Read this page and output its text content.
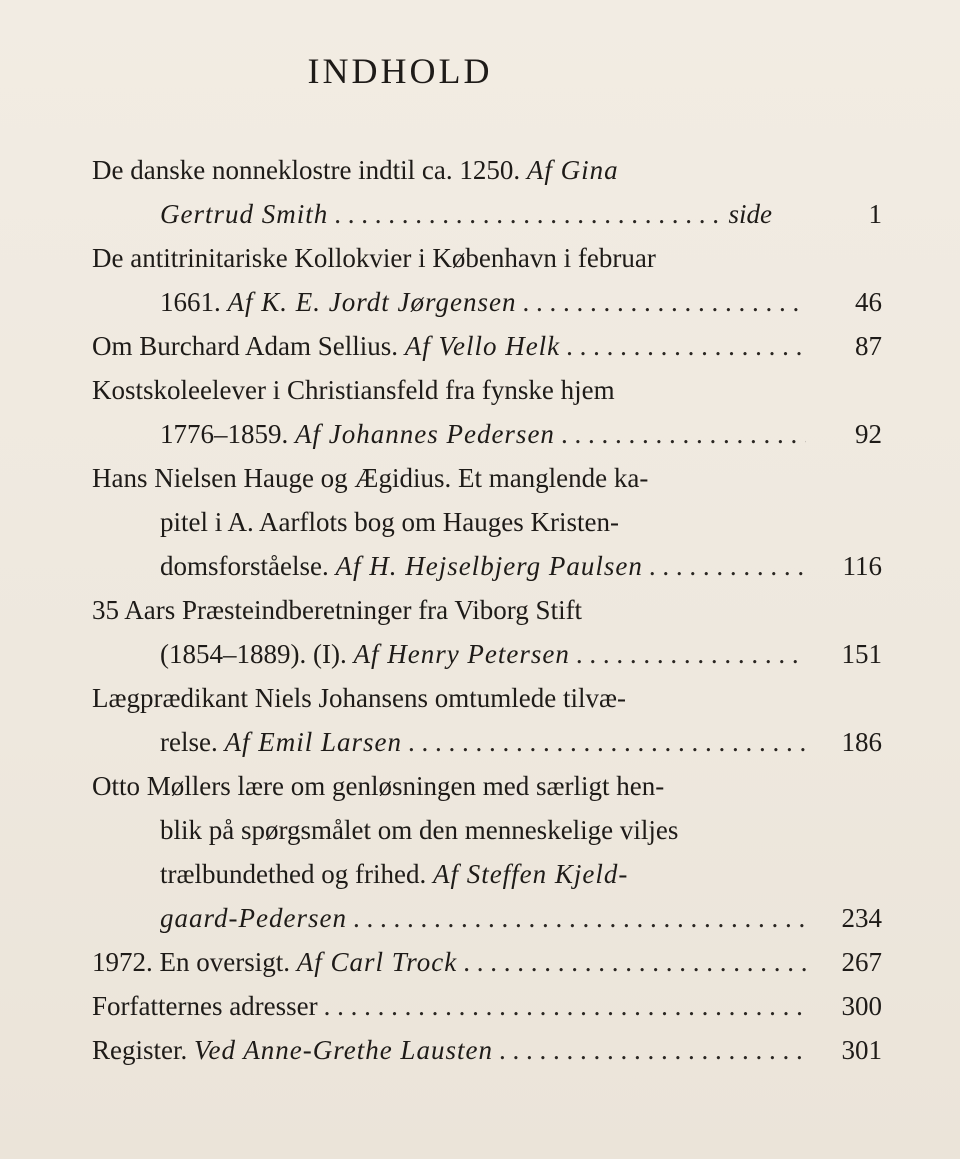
INDHOLD
De danske nonneklostre indtil ca. 1250. Af Gina
Gertrud Smith . . .	side	1
De antitrinitariske Kollokvier i København i februar
1661. Af K. E. Jordt Jørgensen . . .	46
Om Burchard Adam Sellius. Af Vello Helk . . .	87
Kostskoleelever i Christiansfeld fra fynske hjem
1776–1859. Af Johannes Pedersen . . .	92
Hans Nielsen Hauge og Ægidius. Et manglende ka-
pitel i A. Aarflots bog om Hauges Kristen-
domsforståelse. Af H. Hejselbjerg Paulsen . . .	116
35 Aars Præsteindberetninger fra Viborg Stift
(1854–1889). (I). Af Henry Petersen . . .	151
Lægprædikant Niels Johansens omtumlede tilvæ-
relse. Af Emil Larsen . . .	186
Otto Møllers lære om genløsningen med særligt hen-
blik på spørgsmålet om den menneskelige viljes
trælbundethed og frihed. Af Steffen Kjeld-
gaard-Pedersen . . .	234
1972. En oversigt. Af Carl Trock . . .	267
Forfatternes adresser . . .	300
Register. Ved Anne-Grethe Lausten . . .	301
